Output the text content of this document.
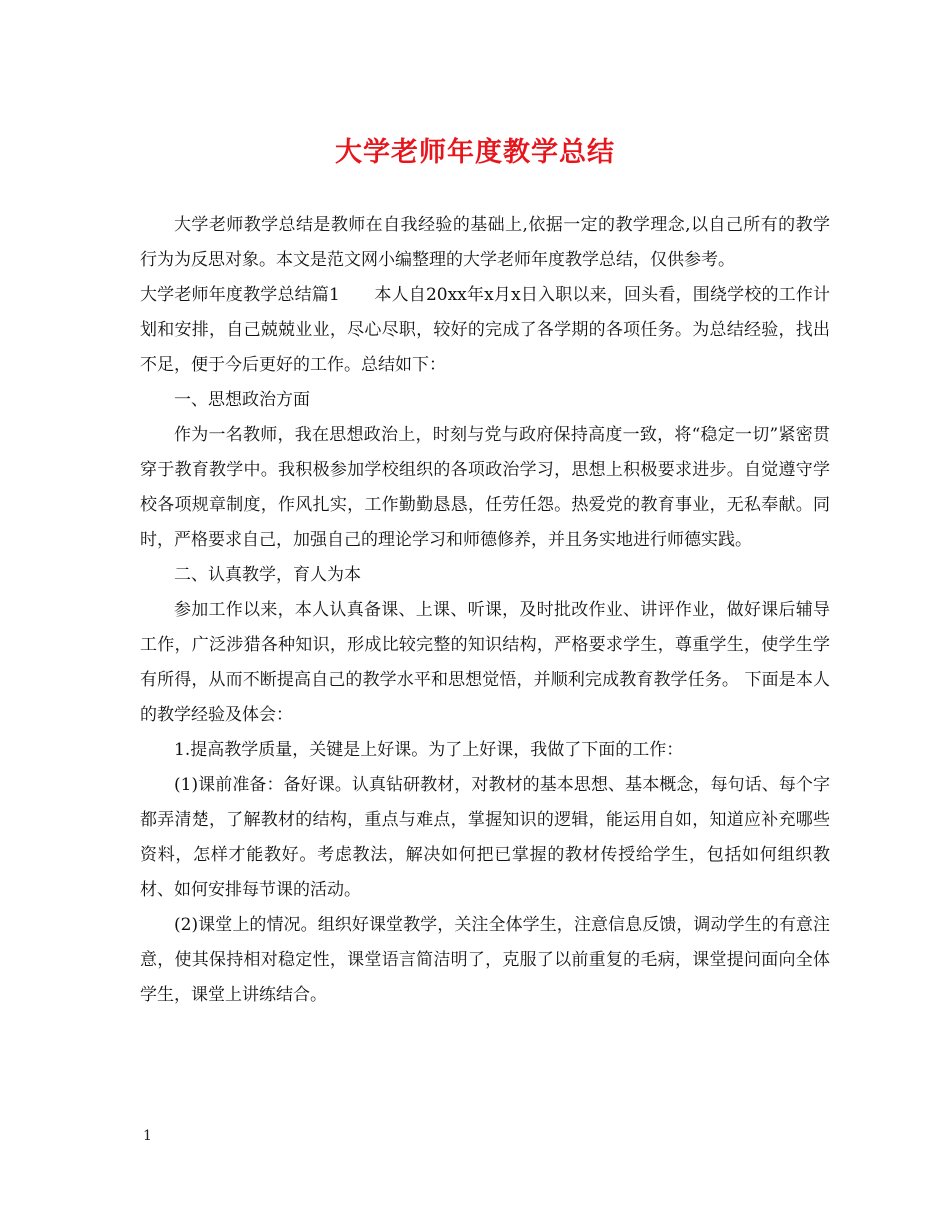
大学老师年度教学总结

大学老师教学总结是教师在自我经验的基础上,依据一定的教学理念,以自己所有的教学行为为反思对象。本文是范文网小编整理的大学老师年度教学总结，仅供参考。

大学老师年度教学总结篇1　　本人自20xx年x月x日入职以来，回头看，围绕学校的工作计划和安排，自己兢兢业业，尽心尽职，较好的完成了各学期的各项任务。为总结经验，找出不足，便于今后更好的工作。总结如下：

一、思想政治方面

作为一名教师，我在思想政治上，时刻与党与政府保持高度一致，将“稳定一切”紧密贯穿于教育教学中。我积极参加学校组织的各项政治学习，思想上积极要求进步。自觉遵守学校各项规章制度，作风扎实，工作勤勤恳恳，任劳任怨。热爱党的教育事业，无私奉献。同时，严格要求自己，加强自己的理论学习和师德修养，并且务实地进行师德实践。

二、认真教学，育人为本

参加工作以来，本人认真备课、上课、听课，及时批改作业、讲评作业，做好课后辅导工作，广泛涉猎各种知识，形成比较完整的知识结构，严格要求学生，尊重学生，使学生学有所得，从而不断提高自己的教学水平和思想觉悟，并顺利完成教育教学任务。 下面是本人的教学经验及体会：

1.提高教学质量，关键是上好课。为了上好课，我做了下面的工作：

(1)课前准备：备好课。认真钻研教材，对教材的基本思想、基本概念，每句话、每个字都弄清楚，了解教材的结构，重点与难点，掌握知识的逻辑，能运用自如，知道应补充哪些资料，怎样才能教好。考虑教法，解决如何把已掌握的教材传授给学生，包括如何组织教材、如何安排每节课的活动。

(2)课堂上的情况。组织好课堂教学，关注全体学生，注意信息反馈，调动学生的有意注意，使其保持相对稳定性，课堂语言简洁明了，克服了以前重复的毛病，课堂提问面向全体学生，课堂上讲练结合。

1
